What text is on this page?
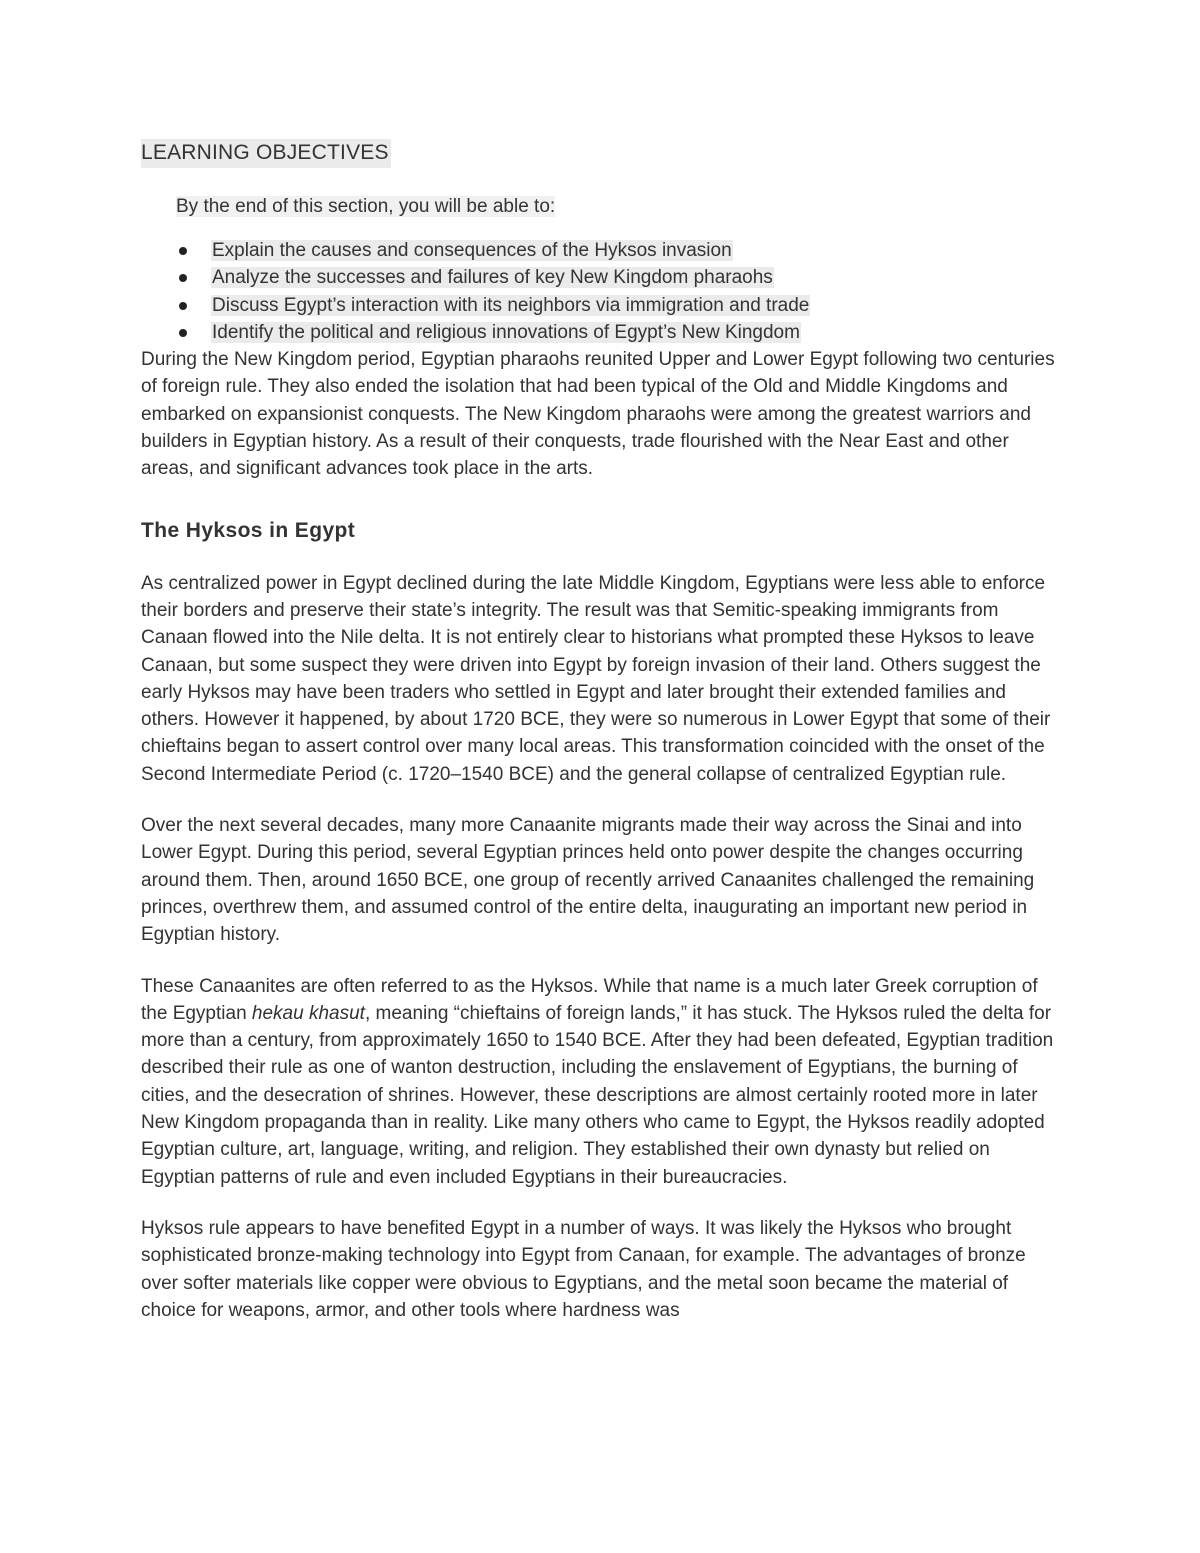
LEARNING OBJECTIVES

By the end of this section, you will be able to:

Explain the causes and consequences of the Hyksos invasion
Analyze the successes and failures of key New Kingdom pharaohs
Discuss Egypt’s interaction with its neighbors via immigration and trade
Identify the political and religious innovations of Egypt’s New Kingdom

During the New Kingdom period, Egyptian pharaohs reunited Upper and Lower Egypt following two centuries of foreign rule. They also ended the isolation that had been typical of the Old and Middle Kingdoms and embarked on expansionist conquests. The New Kingdom pharaohs were among the greatest warriors and builders in Egyptian history. As a result of their conquests, trade flourished with the Near East and other areas, and significant advances took place in the arts.

The Hyksos in Egypt

As centralized power in Egypt declined during the late Middle Kingdom, Egyptians were less able to enforce their borders and preserve their state’s integrity. The result was that Semitic-speaking immigrants from Canaan flowed into the Nile delta. It is not entirely clear to historians what prompted these Hyksos to leave Canaan, but some suspect they were driven into Egypt by foreign invasion of their land. Others suggest the early Hyksos may have been traders who settled in Egypt and later brought their extended families and others. However it happened, by about 1720 BCE, they were so numerous in Lower Egypt that some of their chieftains began to assert control over many local areas. This transformation coincided with the onset of the Second Intermediate Period (c. 1720–1540 BCE) and the general collapse of centralized Egyptian rule.

Over the next several decades, many more Canaanite migrants made their way across the Sinai and into Lower Egypt. During this period, several Egyptian princes held onto power despite the changes occurring around them. Then, around 1650 BCE, one group of recently arrived Canaanites challenged the remaining princes, overthrew them, and assumed control of the entire delta, inaugurating an important new period in Egyptian history.

These Canaanites are often referred to as the Hyksos. While that name is a much later Greek corruption of the Egyptian hekau khasut, meaning “chieftains of foreign lands,” it has stuck. The Hyksos ruled the delta for more than a century, from approximately 1650 to 1540 BCE. After they had been defeated, Egyptian tradition described their rule as one of wanton destruction, including the enslavement of Egyptians, the burning of cities, and the desecration of shrines. However, these descriptions are almost certainly rooted more in later New Kingdom propaganda than in reality. Like many others who came to Egypt, the Hyksos readily adopted Egyptian culture, art, language, writing, and religion. They established their own dynasty but relied on Egyptian patterns of rule and even included Egyptians in their bureaucracies.

Hyksos rule appears to have benefited Egypt in a number of ways. It was likely the Hyksos who brought sophisticated bronze-making technology into Egypt from Canaan, for example. The advantages of bronze over softer materials like copper were obvious to Egyptians, and the metal soon became the material of choice for weapons, armor, and other tools where hardness was
